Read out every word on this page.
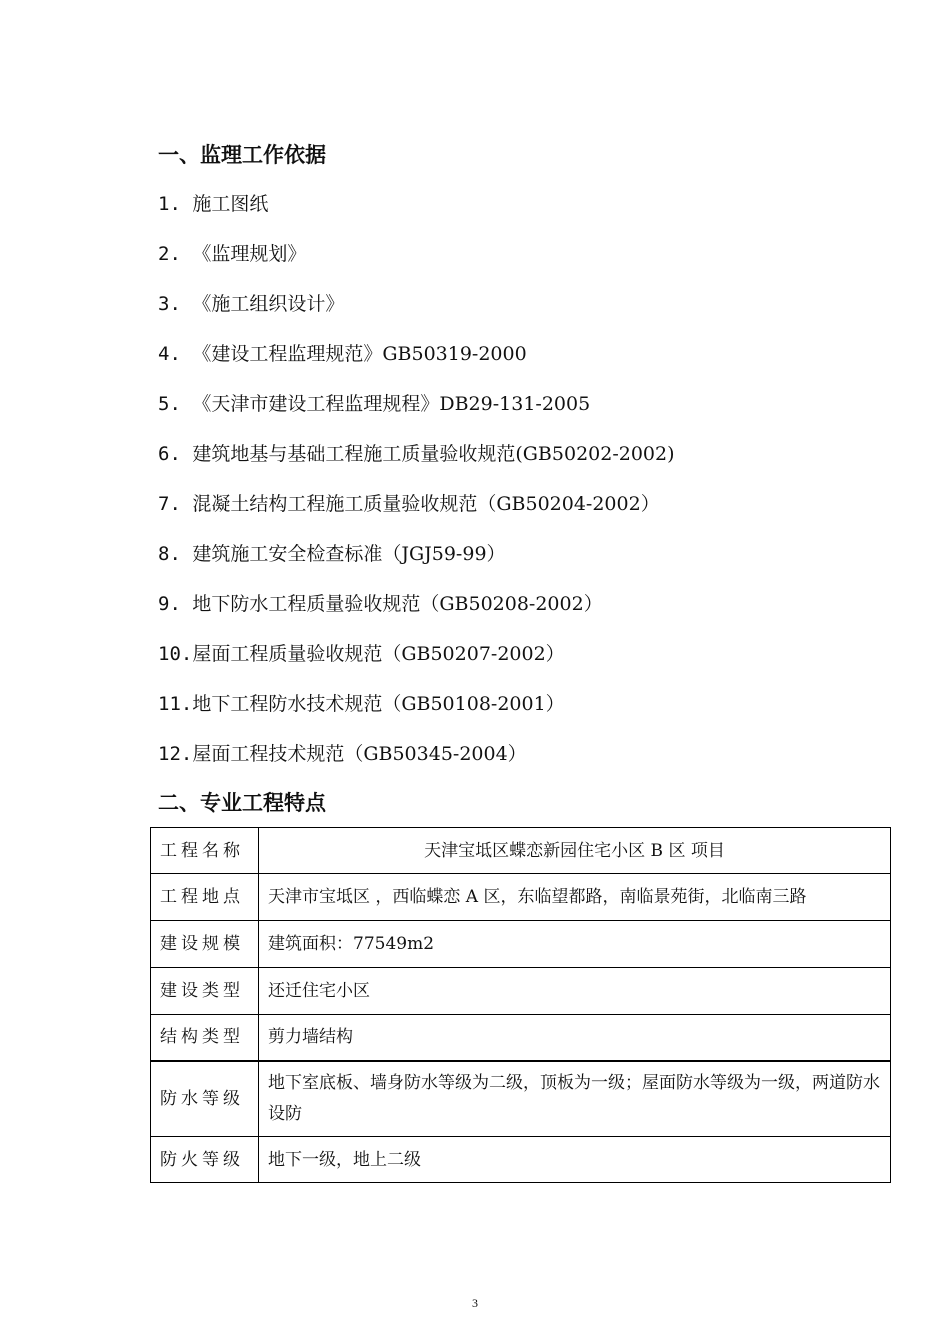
一、监理工作依据
1. 施工图纸
2. 《监理规划》
3. 《施工组织设计》
4. 《建设工程监理规范》GB50319-2000
5. 《天津市建设工程监理规程》DB29-131-2005
6. 建筑地基与基础工程施工质量验收规范(GB50202-2002)
7. 混凝土结构工程施工质量验收规范（GB50204-2002）
8. 建筑施工安全检查标准（JGJ59-99）
9. 地下防水工程质量验收规范（GB50208-2002）
10.屋面工程质量验收规范（GB50207-2002）
11.地下工程防水技术规范（GB50108-2001）
12.屋面工程技术规范（GB50345-2004）
二、专业工程特点
工程名称	天津宝坻区蝶恋新园住宅小区 B 区 项目
工程地点	天津市宝坻区 ，西临蝶恋 A 区，东临望都路，南临景苑街，北临南三路
建设规模	建筑面积：77549m2
建设类型	还迁住宅小区
结构类型	剪力墙结构
防水等级	地下室底板、墙身防水等级为二级，顶板为一级；屋面防水等级为一级，两道防水设防
防火等级	地下一级，地上二级
3
